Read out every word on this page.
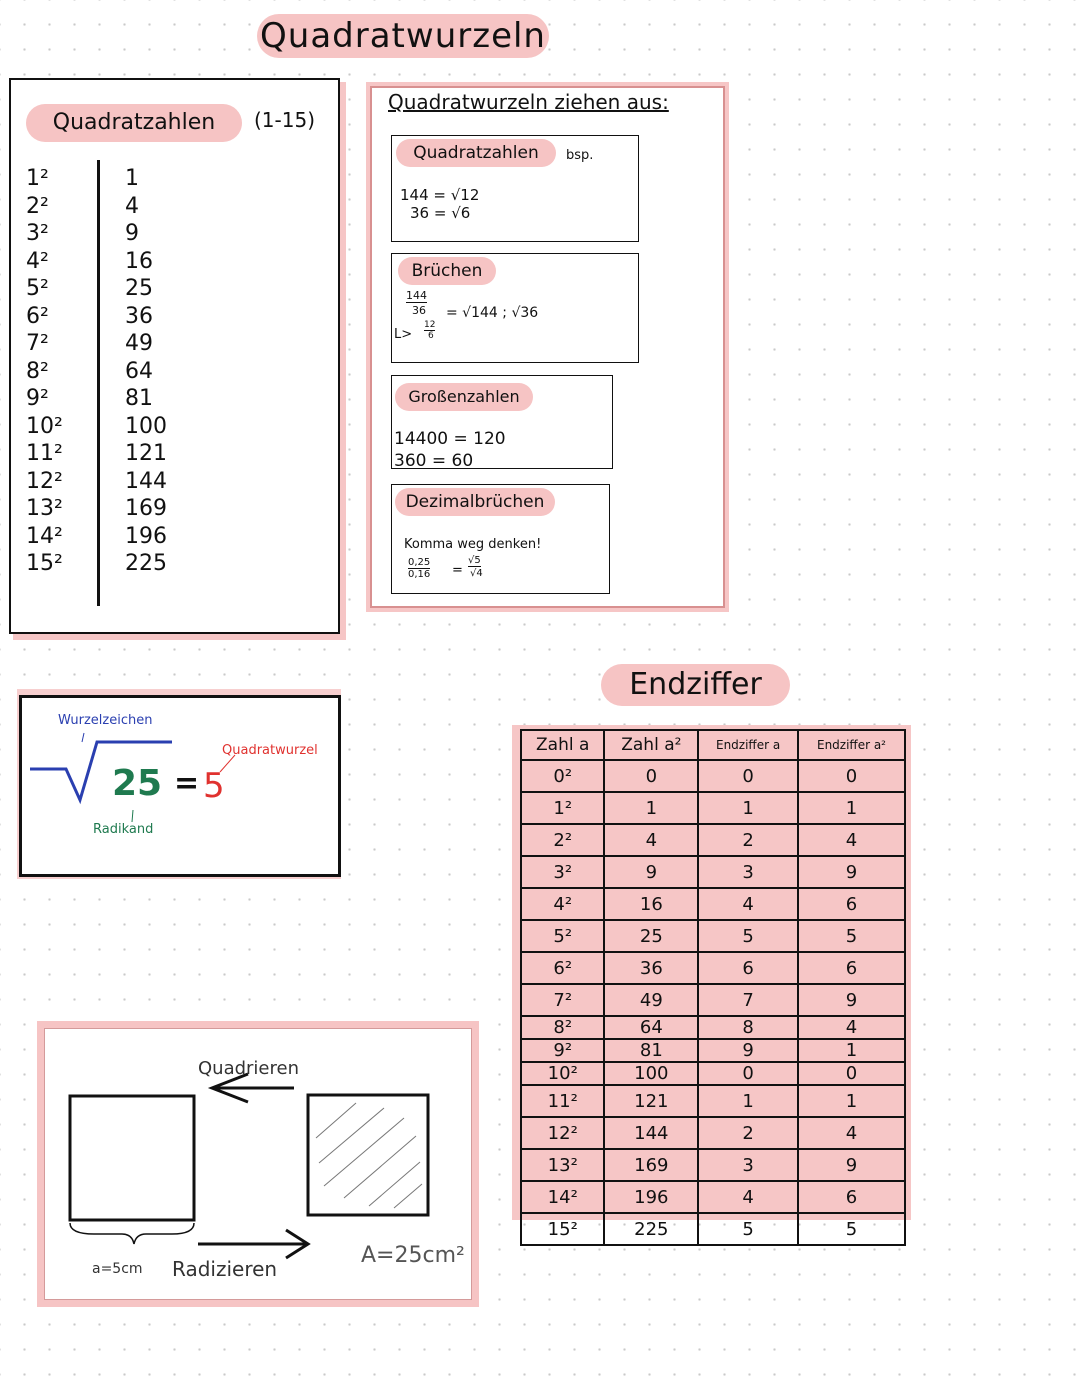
Quadratwurzeln
Quadratzahlen	(1-15)
1²	1
2²	4
3²	9
4²	16
5²	25
6²	36
7²	49
8²	64
9²	81
10²	100
11²	121
12²	144
13²	169
14²	196
15²	225
Quadratwurzeln ziehen aus:
Quadratzahlen	bsp.
144 = √12
36 = √6
Brüchen
144
36 = √144 ; √36
L>
12
6
Großenzahlen
14400 = 120
360 = 60
Dezimalbrüchen
Komma weg denken!
0,25
0,16 =
√5
√4
Wurzelzeichen
25 = 5
Quadratwurzel
Radikand
Endziffer
Zahl a	Zahl a²	Endziffer a	Endziffer a²
0²	0	0	0
1²	1	1	1
2²	4	2	4
3²	9	3	9
4²	16	4	6
5²	25	5	5
6²	36	6	6
7²	49	7	9
8²	64	8	4
9²	81	9	1
10²	100	0	0
11²	121	1	1
12²	144	2	4
13²	169	3	9
14²	196	4	6
15²	225	5	5
Quadrieren
Radizieren
a=5cm
A=25cm²
